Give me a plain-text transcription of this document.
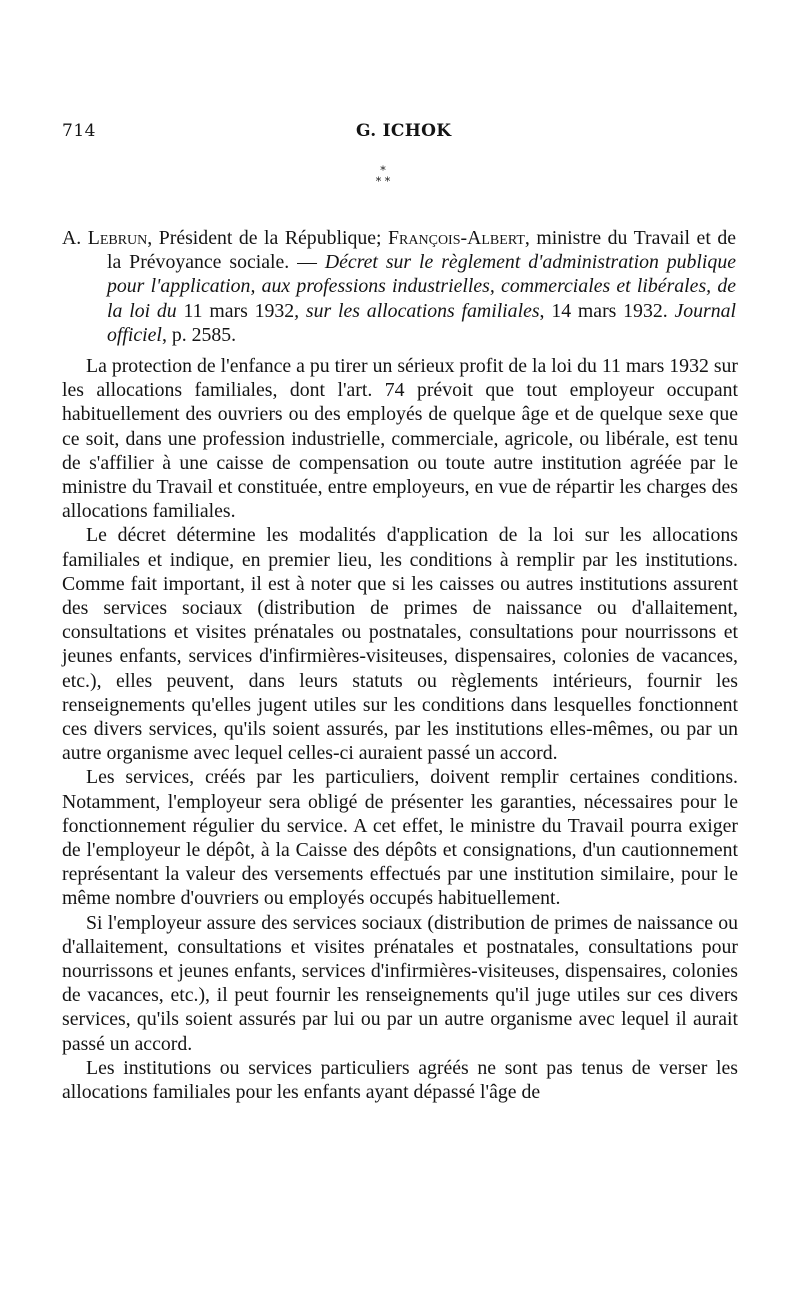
714	G. ICHOK
*
* *
A. Lebrun, Président de la République; François-Albert, ministre du Travail et de la Prévoyance sociale. — Décret sur le règlement d'administration publique pour l'application, aux professions industrielles, commerciales et libérales, de la loi du 11 mars 1932, sur les allocations familiales, 14 mars 1932. Journal officiel, p. 2585.

La protection de l'enfance a pu tirer un sérieux profit de la loi du 11 mars 1932 sur les allocations familiales, dont l'art. 74 prévoit que tout employeur occupant habituellement des ouvriers ou des employés de quelque âge et de quelque sexe que ce soit, dans une profession industrielle, commerciale, agricole, ou libérale, est tenu de s'affilier à une caisse de compensation ou toute autre institution agréée par le ministre du Travail et constituée, entre employeurs, en vue de répartir les charges des allocations familiales.

Le décret détermine les modalités d'application de la loi sur les allocations familiales et indique, en premier lieu, les conditions à remplir par les institutions. Comme fait important, il est à noter que si les caisses ou autres institutions assurent des services sociaux (distribution de primes de naissance ou d'allaitement, consultations et visites prénatales ou postnatales, consultations pour nourrissons et jeunes enfants, services d'infirmières-visiteuses, dispensaires, colonies de vacances, etc.), elles peuvent, dans leurs statuts ou règlements intérieurs, fournir les renseignements qu'elles jugent utiles sur les conditions dans lesquelles fonctionnent ces divers services, qu'ils soient assurés, par les institutions elles-mêmes, ou par un autre organisme avec lequel celles-ci auraient passé un accord.

Les services, créés par les particuliers, doivent remplir certaines conditions. Notamment, l'employeur sera obligé de présenter les garanties, nécessaires pour le fonctionnement régulier du service. A cet effet, le ministre du Travail pourra exiger de l'employeur le dépôt, à la Caisse des dépôts et consignations, d'un cautionnement représentant la valeur des versements effectués par une institution similaire, pour le même nombre d'ouvriers ou employés occupés habituellement.

Si l'employeur assure des services sociaux (distribution de primes de naissance ou d'allaitement, consultations et visites prénatales et postnatales, consultations pour nourrissons et jeunes enfants, services d'infirmières-visiteuses, dispensaires, colonies de vacances, etc.), il peut fournir les renseignements qu'il juge utiles sur ces divers services, qu'ils soient assurés par lui ou par un autre organisme avec lequel il aurait passé un accord.

Les institutions ou services particuliers agréés ne sont pas tenus de verser les allocations familiales pour les enfants ayant dépassé l'âge de
